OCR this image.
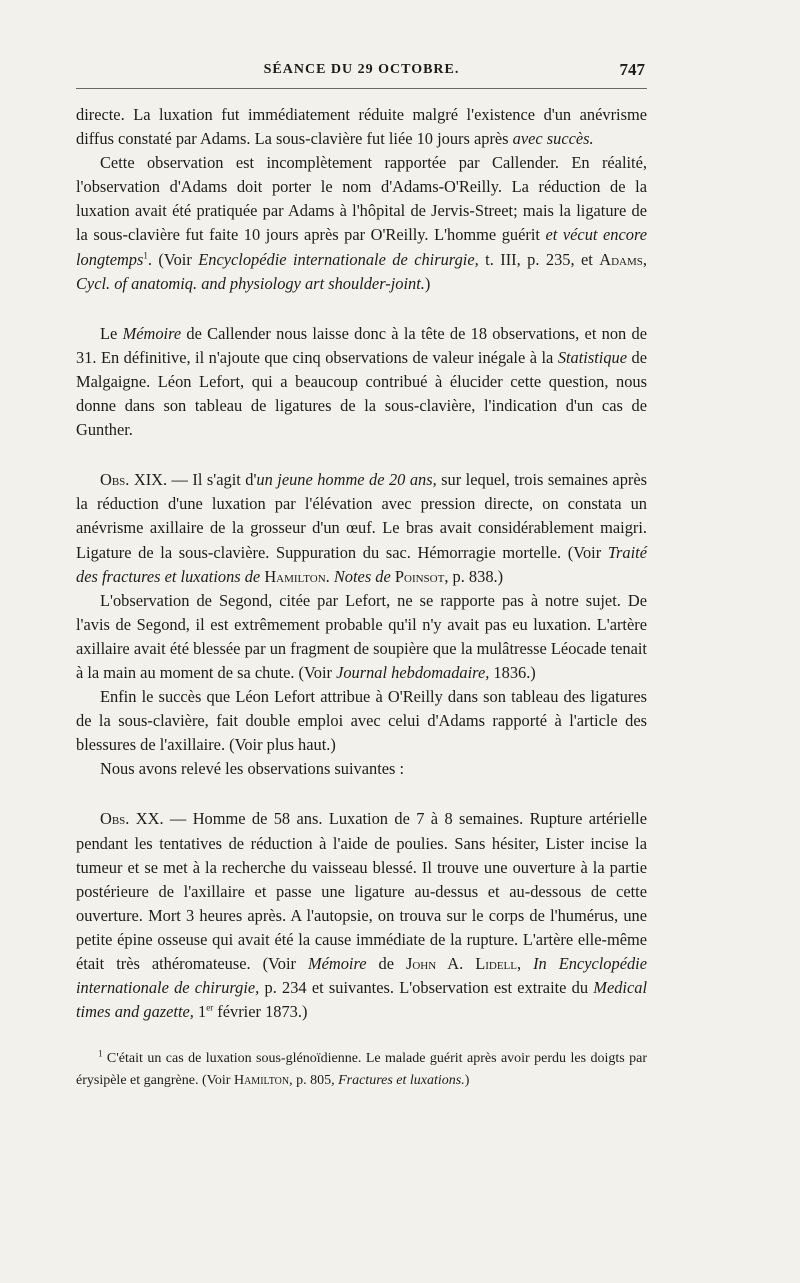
SÉANCE DU 29 OCTOBRE.	747

directe. La luxation fut immédiatement réduite malgré l'existence d'un anévrisme diffus constaté par Adams. La sous-clavière fut liée 10 jours après avec succès.

Cette observation est incomplètement rapportée par Callender. En réalité, l'observation d'Adams doit porter le nom d'Adams-O'Reilly. La réduction de la luxation avait été pratiquée par Adams à l'hôpital de Jervis-Street; mais la ligature de la sous-clavière fut faite 10 jours après par O'Reilly. L'homme guérit et vécut encore longtemps$^1$. (Voir Encyclopédie internationale de chirurgie, t. III, p. 235, et Adams, Cycl. of anatomiq. and physiology art shoulder-joint.)

Le Mémoire de Callender nous laisse donc à la tête de 18 observations, et non de 31. En définitive, il n'ajoute que cinq observations de valeur inégale à la Statistique de Malgaigne. Léon Lefort, qui a beaucoup contribué à élucider cette question, nous donne dans son tableau de ligatures de la sous-clavière, l'indication d'un cas de Gunther.

Obs. XIX. — Il s'agit d'un jeune homme de 20 ans, sur lequel, trois semaines après la réduction d'une luxation par l'élévation avec pression directe, on constata un anévrisme axillaire de la grosseur d'un œuf. Le bras avait considérablement maigri. Ligature de la sous-clavière. Suppuration du sac. Hémorragie mortelle. (Voir Traité des fractures et luxations de Hamilton. Notes de Poinsot, p. 838.)

L'observation de Segond, citée par Lefort, ne se rapporte pas à notre sujet. De l'avis de Segond, il est extrêmement probable qu'il n'y avait pas eu luxation. L'artère axillaire avait été blessée par un fragment de soupière que la mulâtresse Léocade tenait à la main au moment de sa chute. (Voir Journal hebdomadaire, 1836.)

Enfin le succès que Léon Lefort attribue à O'Reilly dans son tableau des ligatures de la sous-clavière, fait double emploi avec celui d'Adams rapporté à l'article des blessures de l'axillaire. (Voir plus haut.)

Nous avons relevé les observations suivantes :

Obs. XX. — Homme de 58 ans. Luxation de 7 à 8 semaines. Rupture artérielle pendant les tentatives de réduction à l'aide de poulies. Sans hésiter, Lister incise la tumeur et se met à la recherche du vaisseau blessé. Il trouve une ouverture à la partie postérieure de l'axillaire et passe une ligature au-dessus et au-dessous de cette ouverture. Mort 3 heures après. A l'autopsie, on trouva sur le corps de l'humérus, une petite épine osseuse qui avait été la cause immédiate de la rupture. L'artère elle-même était très athéromateuse. (Voir Mémoire de John A. Lidell, In Encyclopédie internationale de chirurgie, p. 234 et suivantes. L'observation est extraite du Medical times and gazette, 1er février 1873.)

$^1$ C'était un cas de luxation sous-glénoïdienne. Le malade guérit après avoir perdu les doigts par érysipèle et gangrène. (Voir Hamilton, p. 805, Fractures et luxations.)
